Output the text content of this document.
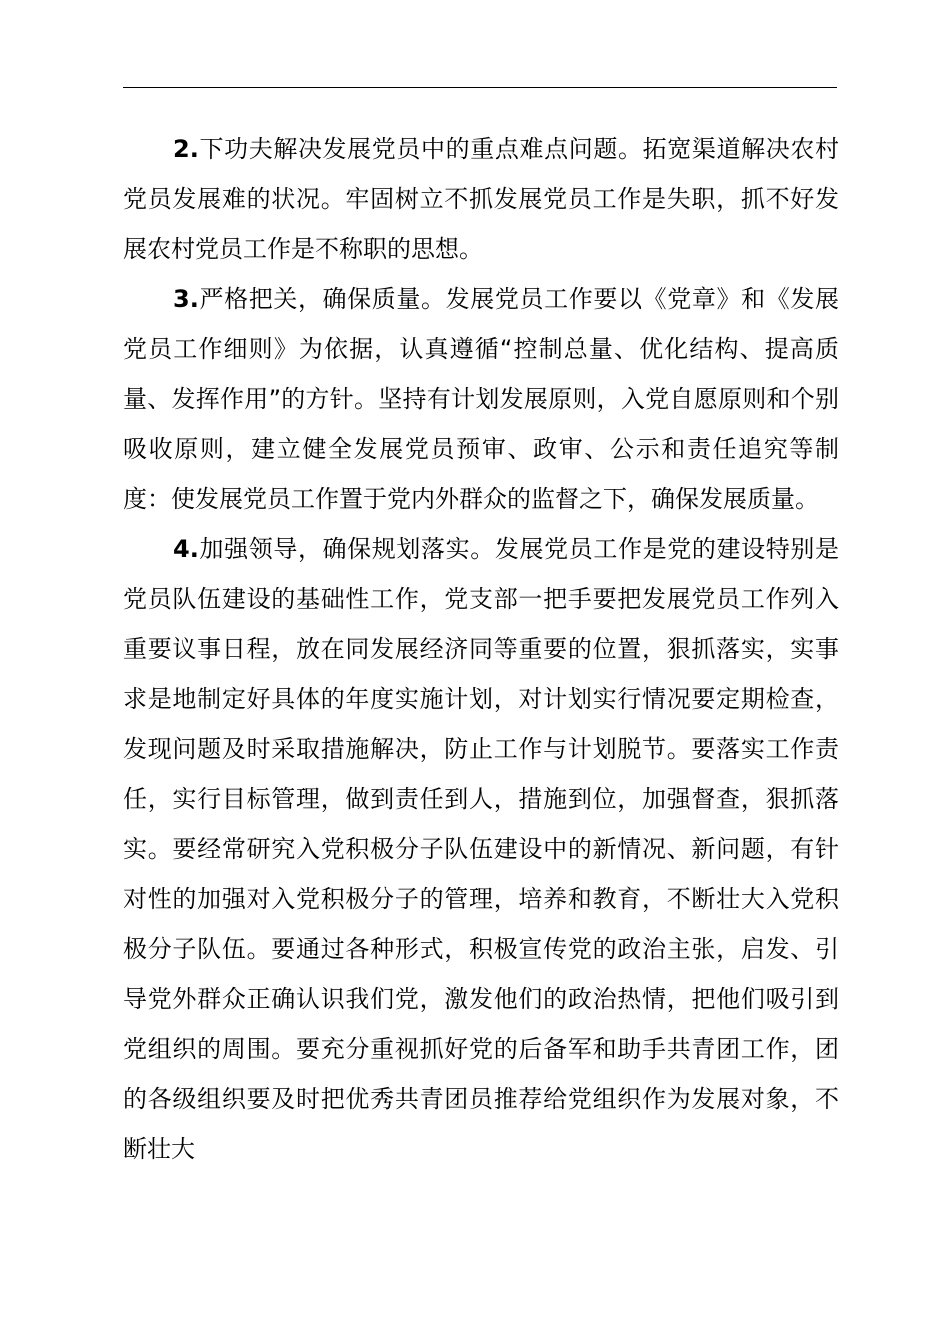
2.下功夫解决发展党员中的重点难点问题。拓宽渠道解决农村党员发展难的状况。牢固树立不抓发展党员工作是失职，抓不好发展农村党员工作是不称职的思想。

3.严格把关，确保质量。发展党员工作要以《党章》和《发展党员工作细则》为依据，认真遵循“控制总量、优化结构、提高质量、发挥作用”的方针。坚持有计划发展原则，入党自愿原则和个别吸收原则，建立健全发展党员预审、政审、公示和责任追究等制度：使发展党员工作置于党内外群众的监督之下，确保发展质量。

4.加强领导，确保规划落实。发展党员工作是党的建设特别是党员队伍建设的基础性工作，党支部一把手要把发展党员工作列入重要议事日程，放在同发展经济同等重要的位置，狠抓落实，实事求是地制定好具体的年度实施计划，对计划实行情况要定期检查，发现问题及时采取措施解决，防止工作与计划脱节。要落实工作责任，实行目标管理，做到责任到人，措施到位，加强督查，狠抓落实。要经常研究入党积极分子队伍建设中的新情况、新问题，有针对性的加强对入党积极分子的管理，培养和教育，不断壮大入党积极分子队伍。要通过各种形式，积极宣传党的政治主张，启发、引导党外群众正确认识我们党，激发他们的政治热情，把他们吸引到党组织的周围。要充分重视抓好党的后备军和助手共青团工作，团的各级组织要及时把优秀共青团员推荐给党组织作为发展对象，不断壮大
